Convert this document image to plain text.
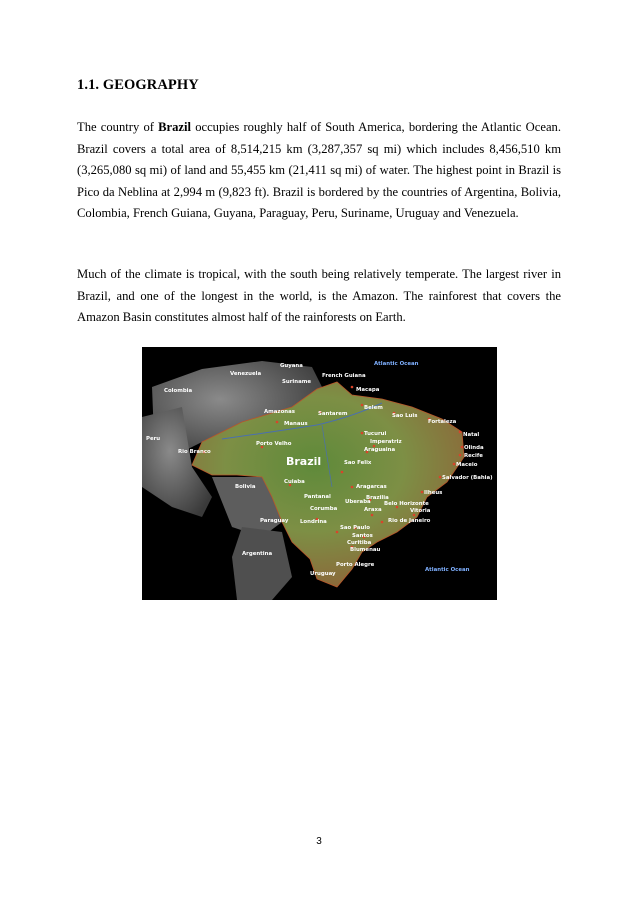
1.1. GEOGRAPHY

The country of Brazil occupies roughly half of South America, bordering the Atlantic Ocean. Brazil covers a total area of 8,514,215 km (3,287,357 sq mi) which includes 8,456,510 km (3,265,080 sq mi) of land and 55,455 km (21,411 sq mi) of water. The highest point in Brazil is Pico da Neblina at 2,994 m (9,823 ft). Brazil is bordered by the countries of Argentina, Bolivia, Colombia, French Guiana, Guyana, Paraguay, Peru, Suriname, Uruguay and Venezuela.

Much of the climate is tropical, with the south being relatively temperate. The largest river in Brazil, and one of the longest in the world, is the Amazon. The rainforest that covers the Amazon Basin constitutes almost half of the rainforests on Earth.

Atlantic Ocean
Atlantic Ocean
Venezuela
Guyana
Suriname
French Guiana
Colombia
Peru
Bolivia
Paraguay
Argentina
Uruguay
Brazil
Macapa
Belem
Sao Luis
Fortaleza
Natal
Olinda
Recife
Maceio
Salvador (Bahia)
Ilheus
Santarem
Manaus
Amazonas
Tucurui
Imperatriz
Araguaina
Sao Felix
Porto Velho
Rio Branco
Cuiaba
Pantanal
Corumba
Aragarcas
Brazilia
Uberaba Belo Horizonte
Araxa	Vitoria
Londrina
Sao Paulo
Santos
Rio de Janeiro
Curitiba
Blumenau
Porto Alegre
3
